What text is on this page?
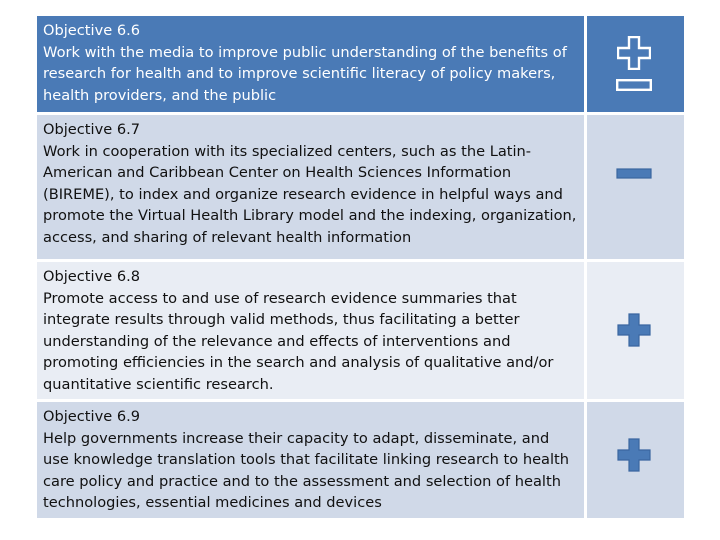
Objective 6.6
Work with the media to improve public understanding of the benefits of research for health and to improve scientific literacy of policy makers, health providers, and the public
Objective 6.7
Work in cooperation with its specialized centers, such as the Latin-American and Caribbean Center on Health Sciences Information (BIREME), to index and organize research evidence in helpful ways and promote the Virtual Health Library model and the indexing, organization, access, and sharing of relevant health information
Objective 6.8
Promote access to and use of research evidence summaries that integrate results through valid methods, thus facilitating a better understanding of the relevance and effects of interventions and promoting efficiencies in the search and analysis of qualitative and/or quantitative scientific research.
Objective 6.9
Help governments increase their capacity to adapt, disseminate, and use knowledge translation tools that facilitate linking research to health care policy and practice and to the assessment and selection of health technologies, essential medicines and devices
